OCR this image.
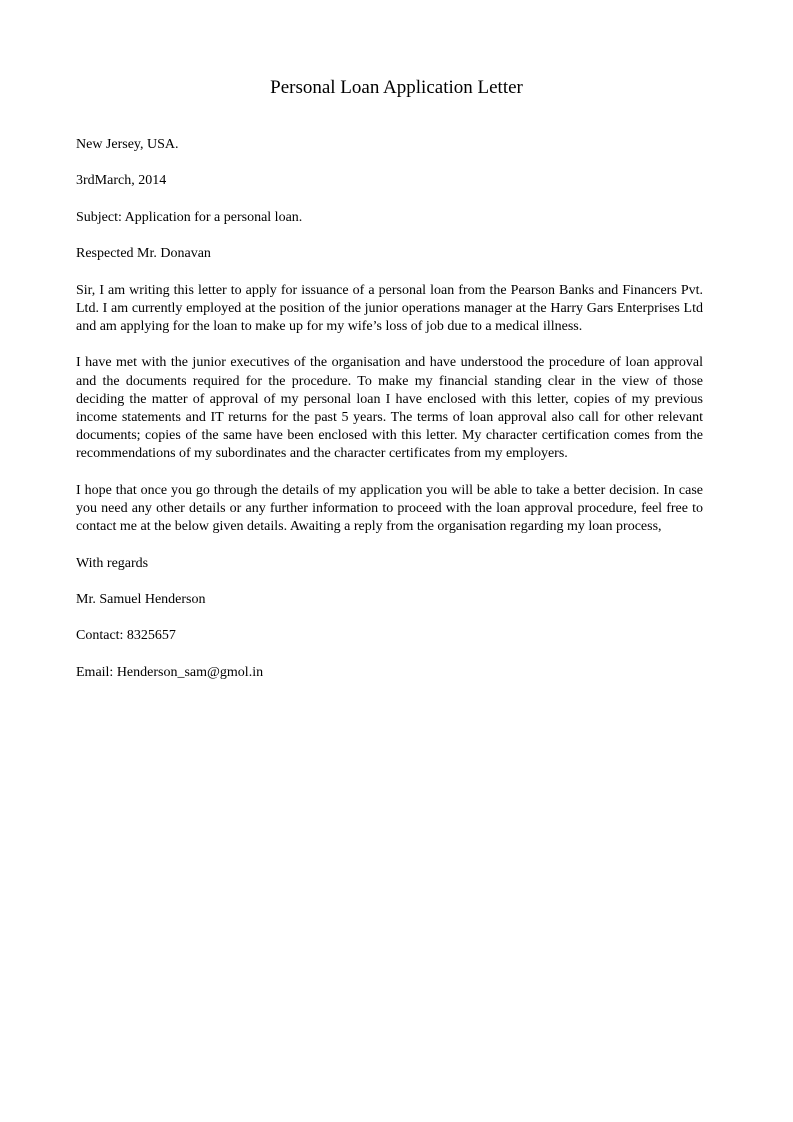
Personal Loan Application Letter

New Jersey, USA.

3rdMarch, 2014

Subject: Application for a personal loan.

Respected Mr. Donavan

Sir, I am writing this letter to apply for issuance of a personal loan from the Pearson Banks and Financers Pvt. Ltd. I am currently employed at the position of the junior operations manager at the Harry Gars Enterprises Ltd and am applying for the loan to make up for my wife’s loss of job due to a medical illness.

I have met with the junior executives of the organisation and have understood the procedure of loan approval and the documents required for the procedure. To make my financial standing clear in the view of those deciding the matter of approval of my personal loan I have enclosed with this letter, copies of my previous income statements and IT returns for the past 5 years. The terms of loan approval also call for other relevant documents; copies of the same have been enclosed with this letter. My character certification comes from the recommendations of my subordinates and the character certificates from my employers.

I hope that once you go through the details of my application you will be able to take a better decision. In case you need any other details or any further information to proceed with the loan approval procedure, feel free to contact me at the below given details. Awaiting a reply from the organisation regarding my loan process,

With regards

Mr. Samuel Henderson

Contact: 8325657

Email: Henderson_sam@gmol.in
